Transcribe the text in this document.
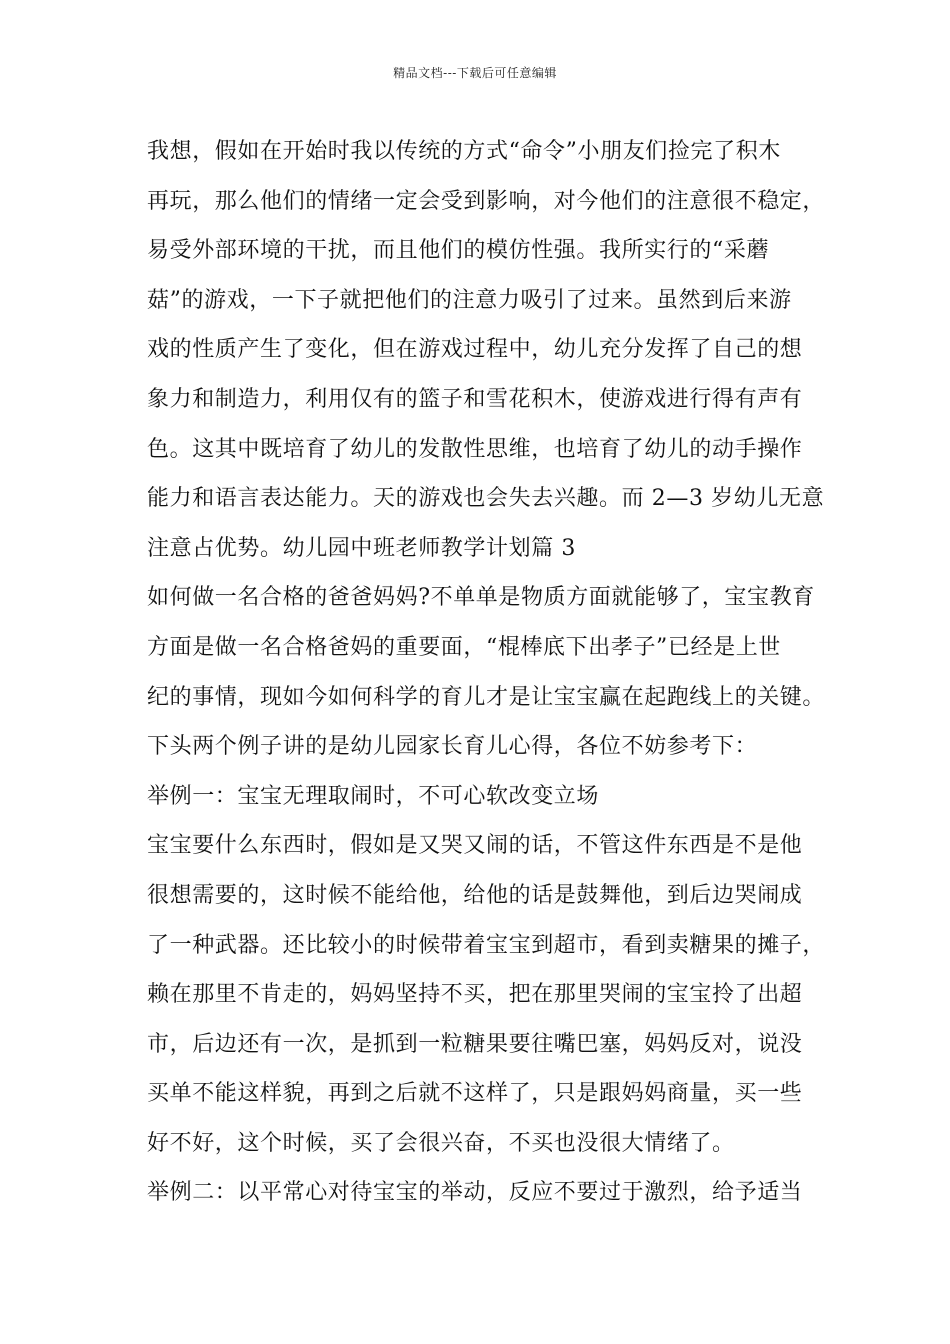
精品文档---下载后可任意编辑
我想，假如在开始时我以传统的方式“命令”小朋友们捡完了积木
再玩，那么他们的情绪一定会受到影响，对今他们的注意很不稳定，
易受外部环境的干扰，而且他们的模仿性强。我所实行的“采蘑
菇”的游戏，一下子就把他们的注意力吸引了过来。虽然到后来游
戏的性质产生了变化，但在游戏过程中，幼儿充分发挥了自己的想
象力和制造力，利用仅有的篮子和雪花积木，使游戏进行得有声有
色。这其中既培育了幼儿的发散性思维，也培育了幼儿的动手操作
能力和语言表达能力。天的游戏也会失去兴趣。而 2—3 岁幼儿无意
注意占优势。幼儿园中班老师教学计划篇 3
如何做一名合格的爸爸妈妈?不单单是物质方面就能够了，宝宝教育
方面是做一名合格爸妈的重要面，“棍棒底下出孝子”已经是上世
纪的事情，现如今如何科学的育儿才是让宝宝赢在起跑线上的关键。
下头两个例子讲的是幼儿园家长育儿心得，各位不妨参考下：
举例一：宝宝无理取闹时，不可心软改变立场
宝宝要什么东西时，假如是又哭又闹的话，不管这件东西是不是他
很想需要的，这时候不能给他，给他的话是鼓舞他，到后边哭闹成
了一种武器。还比较小的时候带着宝宝到超市，看到卖糖果的摊子，
赖在那里不肯走的，妈妈坚持不买，把在那里哭闹的宝宝拎了出超
市，后边还有一次，是抓到一粒糖果要往嘴巴塞，妈妈反对，说没
买单不能这样貌，再到之后就不这样了，只是跟妈妈商量，买一些
好不好，这个时候，买了会很兴奋，不买也没很大情绪了。
举例二：以平常心对待宝宝的举动，反应不要过于激烈，给予适当
